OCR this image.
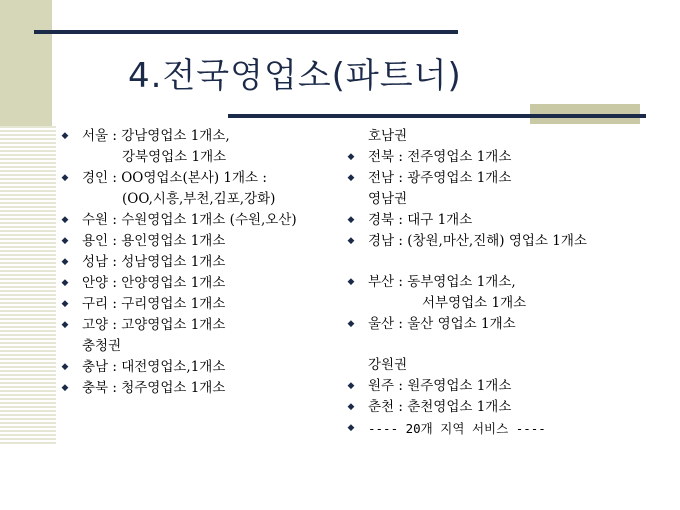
4.전국영업소(파트너)
◆ 서울 : 강남영업소 1개소,
강북영업소 1개소
◆ 경인 : OO영업소(본사) 1개소 :
(OO,시흥,부천,김포,강화)
◆ 수원 : 수원영업소 1개소 (수원,오산)
◆ 용인 : 용인영업소 1개소
◆ 성남 : 성남영업소 1개소
◆ 안양 : 안양영업소 1개소
◆ 구리 : 구리영업소 1개소
◆ 고양 : 고양영업소 1개소
충청권
◆ 충남 : 대전영업소,1개소
◆ 충북 : 청주영업소 1개소
호남권
◆ 전북 : 전주영업소 1개소
◆ 전남 : 광주영업소 1개소
영남권
◆ 경북 : 대구 1개소
◆ 경남 : (창원,마산,진해) 영업소 1개소
◆ 부산 : 동부영업소 1개소,
서부영업소 1개소
◆ 울산 : 울산 영업소 1개소
강원권
◆ 원주 : 원주영업소 1개소
◆ 춘천 : 춘천영업소 1개소
◆ ---- 20개 지역 서비스 ----
